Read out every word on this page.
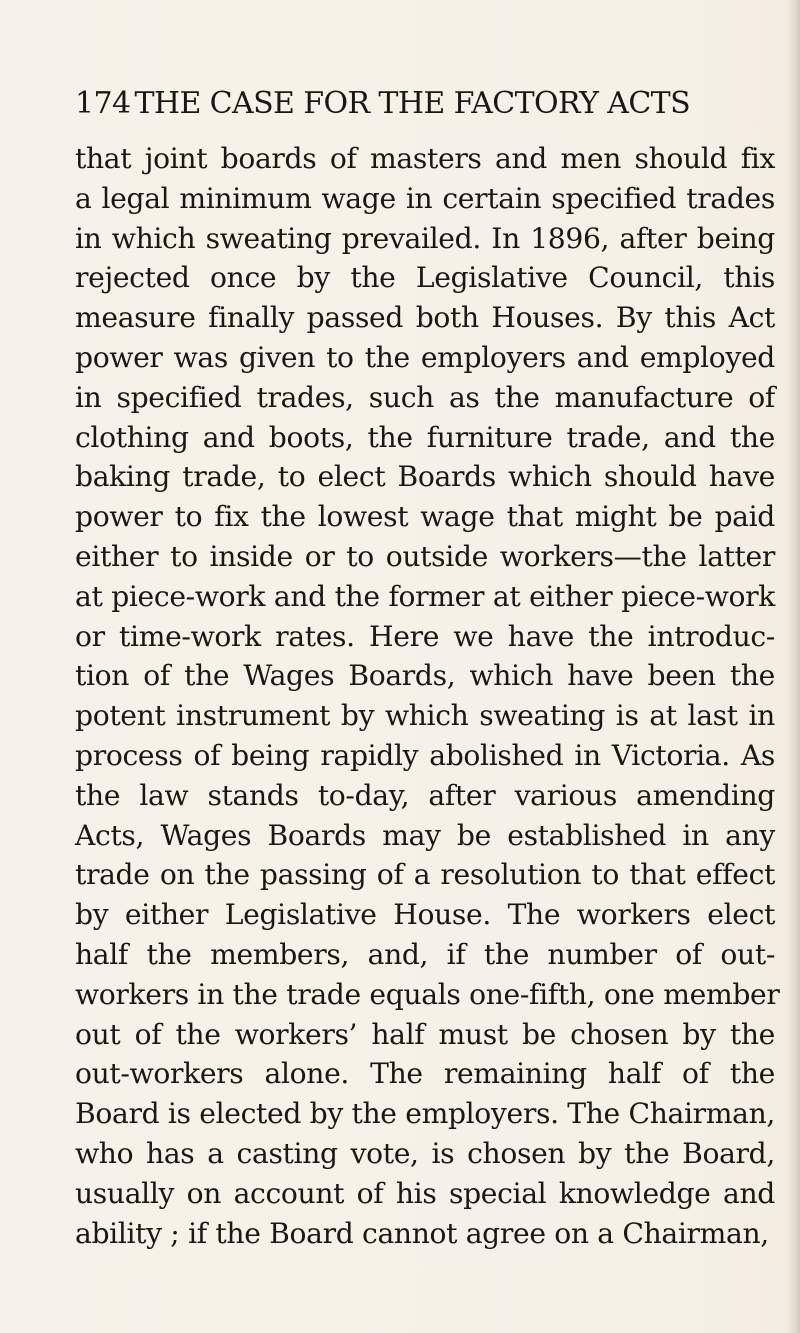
174 THE CASE FOR THE FACTORY ACTS
that joint boards of masters and men should fix
a legal minimum wage in certain specified trades
in which sweating prevailed. In 1896, after being
rejected once by the Legislative Council, this
measure finally passed both Houses. By this Act
power was given to the employers and employed
in specified trades, such as the manufacture of
clothing and boots, the furniture trade, and the
baking trade, to elect Boards which should have
power to fix the lowest wage that might be paid
either to inside or to outside workers—the latter
at piece-work and the former at either piece-work
or time-work rates. Here we have the introduc-
tion of the Wages Boards, which have been the
potent instrument by which sweating is at last in
process of being rapidly abolished in Victoria. As
the law stands to-day, after various amending
Acts, Wages Boards may be established in any
trade on the passing of a resolution to that effect
by either Legislative House. The workers elect
half the members, and, if the number of out-
workers in the trade equals one-fifth, one member
out of the workers’ half must be chosen by the
out-workers alone. The remaining half of the
Board is elected by the employers. The Chairman,
who has a casting vote, is chosen by the Board,
usually on account of his special knowledge and
ability ; if the Board cannot agree on a Chairman,
